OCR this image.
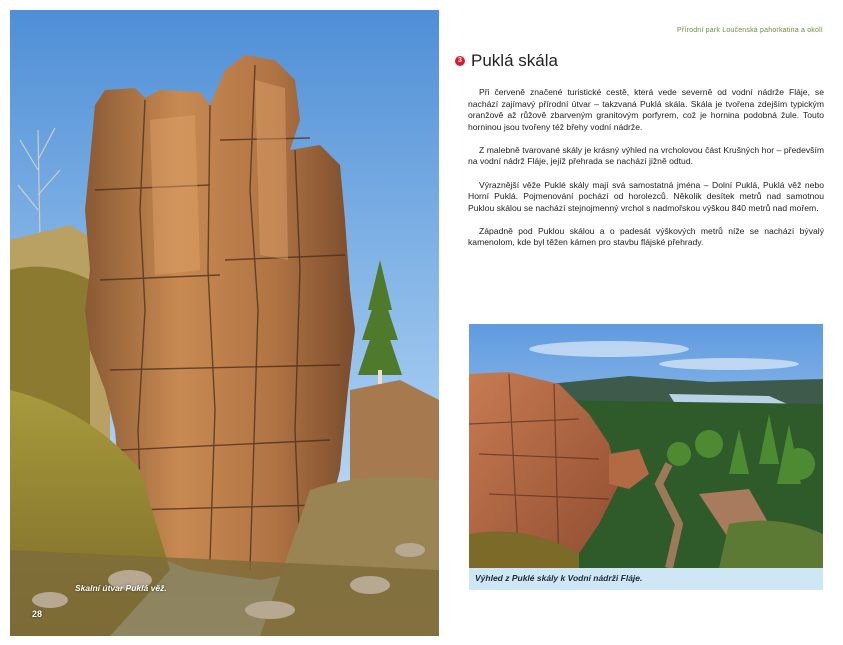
Skalní útvar Puklá věž.
28
Přírodní park Loučenská pahorkatina a okolí
3 Puklá skála

Při červeně značené turistické cestě, která vede severně od vodní nádrže Fláje, se nachází zajímavý přírodní útvar – takzvaná Puklá skála. Skála je tvořena zdejším typickým oranžově až růžově zbarveným granitovým porfyrem, což je hornina podobná žule. Touto horninou jsou tvořeny též břehy vodní nádrže.

Z malebně tvarované skály je krásný výhled na vrcholovou část Krušných hor – především na vodní nádrž Fláje, jejíž přehrada se nachází jižně odtud.

Výraznější věže Puklé skály mají svá samostatná jména – Dolní Puklá, Puklá věž nebo Horní Puklá. Pojmenování pochází od horolezců. Několik desítek metrů nad samotnou Puklou skálou se nachází stejnojmenný vrchol s nadmořskou výškou 840 metrů nad mořem.

Západně pod Puklou skálou a o padesát výškových metrů níže se nachází bývalý kamenolom, kde byl těžen kámen pro stavbu flájské přehrady.

Výhled z Puklé skály k Vodní nádrži Fláje.
